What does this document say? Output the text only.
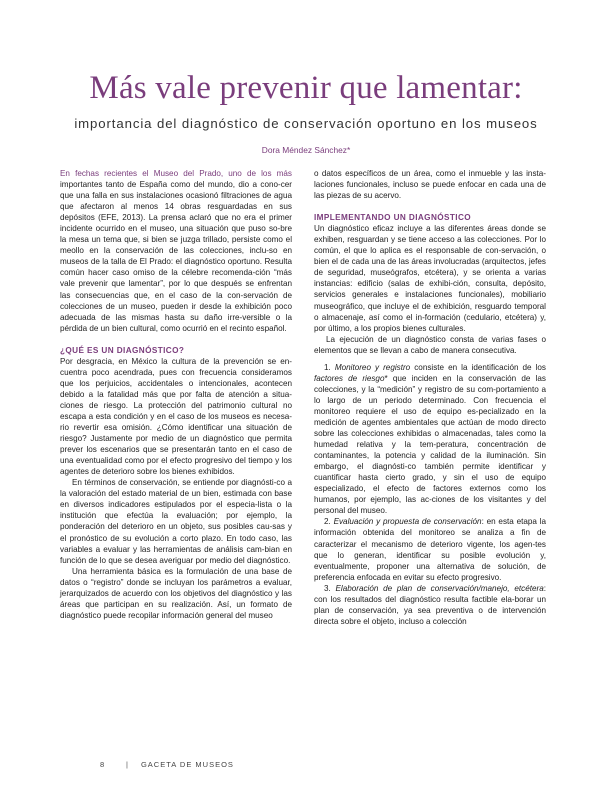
Más vale prevenir que lamentar:
importancia del diagnóstico de conservación oportuno en los museos
Dora Méndez Sánchez*

En fechas recientes el Museo del Prado, uno de los más importantes tanto de España como del mundo, dio a cono-cer que una falla en sus instalaciones ocasionó filtraciones de agua que afectaron al menos 14 obras resguardadas en sus depósitos (EFE, 2013). La prensa aclaró que no era el primer incidente ocurrido en el museo, una situación que puso so-bre la mesa un tema que, si bien se juzga trillado, persiste como el meollo en la conservación de las colecciones, inclu-so en museos de la talla de El Prado: el diagnóstico oportuno. Resulta común hacer caso omiso de la célebre recomenda-ción “más vale prevenir que lamentar”, por lo que después se enfrentan las consecuencias que, en el caso de la con-servación de colecciones de un museo, pueden ir desde la exhibición poco adecuada de las mismas hasta su daño irre-versible o la pérdida de un bien cultural, como ocurrió en el recinto español.

¿QUÉ ES UN DIAGNÓSTICO?

Por desgracia, en México la cultura de la prevención se en-cuentra poco acendrada, pues con frecuencia consideramos que los perjuicios, accidentales o intencionales, acontecen debido a la fatalidad más que por falta de atención a situa-ciones de riesgo. La protección del patrimonio cultural no escapa a esta condición y en el caso de los museos es necesa-rio revertir esa omisión. ¿Cómo identificar una situación de riesgo? Justamente por medio de un diagnóstico que permita prever los escenarios que se presentarán tanto en el caso de una eventualidad como por el efecto progresivo del tiempo y los agentes de deterioro sobre los bienes exhibidos.

En términos de conservación, se entiende por diagnósti-co a la valoración del estado material de un bien, estimada con base en diversos indicadores estipulados por el especia-lista o la institución que efectúa la evaluación; por ejemplo, la ponderación del deterioro en un objeto, sus posibles cau-sas y el pronóstico de su evolución a corto plazo. En todo caso, las variables a evaluar y las herramientas de análisis cam-bian en función de lo que se desea averiguar por medio del diagnóstico.

Una herramienta básica es la formulación de una base de datos o “registro” donde se incluyan los parámetros a evaluar, jerarquizados de acuerdo con los objetivos del diagnóstico y las áreas que participan en su realización. Así, un formato de diagnóstico puede recopilar información general del museo

o datos específicos de un área, como el inmueble y las insta-laciones funcionales, incluso se puede enfocar en cada una de las piezas de su acervo.

IMPLEMENTANDO UN DIAGNÓSTICO

Un diagnóstico eficaz incluye a las diferentes áreas donde se exhiben, resguardan y se tiene acceso a las colecciones. Por lo común, el que lo aplica es el responsable de con-servación, o bien el de cada una de las áreas involucradas (arquitectos, jefes de seguridad, museógrafos, etcétera), y se orienta a varias instancias: edificio (salas de exhibi-ción, consulta, depósito, servicios generales e instalaciones funcionales), mobiliario museográfico, que incluye el de exhibición, resguardo temporal o almacenaje, así como el in-formación (cedulario, etcétera) y, por último, a los propios bienes culturales.

La ejecución de un diagnóstico consta de varias fases o elementos que se llevan a cabo de manera consecutiva.

1. Monitoreo y registro consiste en la identificación de los factores de riesgo* que inciden en la conservación de las colecciones, y la “medición” y registro de su com-portamiento a lo largo de un periodo determinado. Con frecuencia el monitoreo requiere el uso de equipo es-pecializado en la medición de agentes ambientales que actúan de modo directo sobre las colecciones exhibidas o almacenadas, tales como la humedad relativa y la tem-peratura, concentración de contaminantes, la potencia y calidad de la iluminación. Sin embargo, el diagnósti-co también permite identificar y cuantificar hasta cierto grado, y sin el uso de equipo especializado, el efecto de factores externos como los humanos, por ejemplo, las ac-ciones de los visitantes y del personal del museo.
2. Evaluación y propuesta de conservación: en esta etapa la información obtenida del monitoreo se analiza a fin de caracterizar el mecanismo de deterioro vigente, los agen-tes que lo generan, identificar su posible evolución y, eventualmente, proponer una alternativa de solución, de preferencia enfocada en evitar su efecto progresivo.
3. Elaboración de plan de conservación/manejo, etcétera: con los resultados del diagnóstico resulta factible ela-borar un plan de conservación, ya sea preventiva o de intervención directa sobre el objeto, incluso a colección
8	| GACETA DE MUSEOS
